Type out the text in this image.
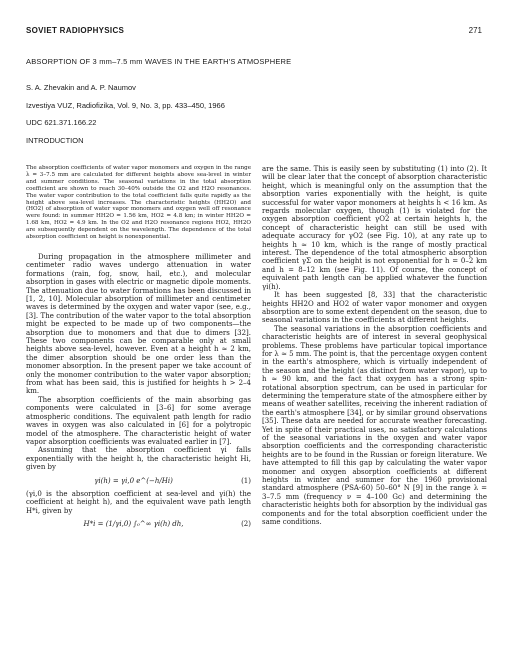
SOVIET RADIOPHYSICS	271
ABSORPTION OF 3 mm–7.5 mm WAVES IN THE EARTH'S ATMOSPHERE
S. A. Zhevakin and A. P. Naumov
Izvestiya VUZ, Radiofizika, Vol. 9, No. 3, pp. 433–450, 1966
UDC 621.371.166.22
INTRODUCTION

The absorption coefficients of water vapor monomers and oxygen in the range λ = 3–7.5 mm are calculated for different heights above sea-level in winter and summer conditions. The seasonal variations in the total absorption coefficient are shown to reach 30–40% outside the O2 and H2O resonances. The water vapor contribution to the total coefficient falls quite rapidly as the height above sea-level increases. The characteristic heights (HH2O) and (HO2) of absorption of water vapor monomers and oxygen well off resonance were found: in summer HH2O = 1.56 km, HO2 = 4.8 km; in winter HH2O = 1.68 km, HO2 = 4.9 km. In the O2 and H2O resonance regions HO2, HH2O are subsequently dependent on the wavelength. The dependence of the total absorption coefficient on height is nonexponential.

During propagation in the atmosphere millimeter and centimeter radio waves undergo attenuation in water formations (rain, fog, snow, hail, etc.), and molecular absorption in gases with electric or magnetic dipole moments. The attenuation due to water formations has been discussed in [1, 2, 10]. Molecular absorption of millimeter and centimeter waves is determined by the oxygen and water vapor (see, e.g., [3]. The contribution of the water vapor to the total absorption might be expected to be made up of two components—the absorption due to monomers and that due to dimers [32]. These two components can be comparable only at small heights above sea-level, however. Even at a height h ≈ 2 km, the dimer absorption should be one order less than the monomer absorption. In the present paper we take account of only the monomer contribution to the water vapor absorption; from what has been said, this is justified for heights h > 2–4 km.

The absorption coefficients of the main absorbing gas components were calculated in [3–6] for some average atmospheric conditions. The equivalent path length for radio waves in oxygen was also calculated in [6] for a polytropic model of the atmosphere. The characteristic height of water vapor absorption coefficients was evaluated earlier in [7].

Assuming that the absorption coefficient γi falls exponentially with the height h, the characteristic height Hi, given by

γi(h) = γi,0 e^(−h/Hi)	(1)

(γi,0 is the absorption coefficient at sea-level and γi(h) the coefficient at height h), and the equivalent wave path length H*i, given by

H*i = (1/γi,0) ∫₀^∞ γi(h) dh,	(2)

are the same. This is easily seen by substituting (1) into (2). It will be clear later that the concept of absorption characteristic height, which is meaningful only on the assumption that the absorption varies exponentially with the height, is quite successful for water vapor monomers at heights h < 16 km. As regards molecular oxygen, though (1) is violated for the oxygen absorption coefficient γO2 at certain heights h, the concept of characteristic height can still be used with adequate accuracy for γO2 (see Fig. 10), at any rate up to heights h ≈ 10 km, which is the range of mostly practical interest. The dependence of the total atmospheric absorption coefficient γΣ on the height is not exponential for h = 0–2 km and h = 8–12 km (see Fig. 11). Of course, the concept of equivalent path length can be applied whatever the function γi(h).

It has been suggested [8, 33] that the characteristic heights HH2O and HO2 of water vapor monomer and oxygen absorption are to some extent dependent on the season, due to seasonal variations in the coefficients at different heights.

The seasonal variations in the absorption coefficients and characteristic heights are of interest in several geophysical problems. These problems have particular topical importance for λ ≈ 5 mm. The point is, that the percentage oxygen content in the earth's atmosphere, which is virtually independent of the season and the height (as distinct from water vapor), up to h ≈ 90 km, and the fact that oxygen has a strong spin-rotational absorption spectrum, can be used in particular for determining the temperature state of the atmosphere either by means of weather satellites, receiving the inherent radiation of the earth's atmosphere [34], or by similar ground observations [35]. These data are needed for accurate weather forecasting. Yet in spite of their practical uses, no satisfactory calculations of the seasonal variations in the oxygen and water vapor absorption coefficients and the corresponding characteristic heights are to be found in the Russian or foreign literature. We have attempted to fill this gap by calculating the water vapor monomer and oxygen absorption coefficients at different heights in winter and summer for the 1960 provisional standard atmosphere (PSA-60) 50–60° N [9] in the range λ = 3–7.5 mm (frequency ν = 4–100 Gc) and determining the characteristic heights both for absorption by the individual gas components and for the total absorption coefficient under the same conditions.
